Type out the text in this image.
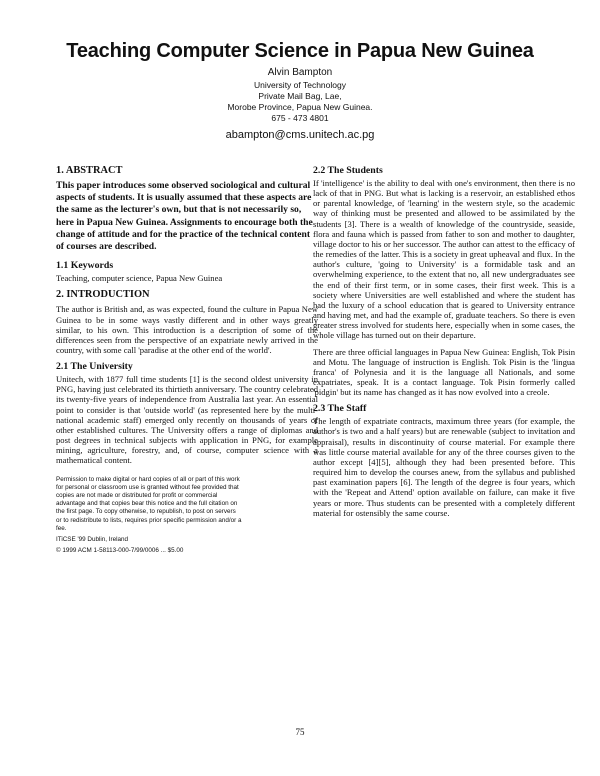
Teaching Computer Science in Papua New Guinea
Alvin Bampton
University of Technology
Private Mail Bag, Lae,
Morobe Province, Papua New Guinea.
675 - 473 4801
abampton@cms.unitech.ac.pg
1. ABSTRACT

This paper introduces some observed sociological and cultural aspects of students. It is usually assumed that these aspects are the same as the lecturer's own, but that is not necessarily so, here in Papua New Guinea. Assignments to encourage both the change of attitude and for the practice of the technical content of courses are described.

1.1 Keywords

Teaching, computer science, Papua New Guinea

2. INTRODUCTION

The author is British and, as was expected, found the culture in Papua New Guinea to be in some ways vastly different and in other ways greatly similar, to his own. This introduction is a description of some of the differences seen from the perspective of an expatriate newly arrived in the country, with some call 'paradise at the other end of the world'.

2.1 The University

Unitech, with 1877 full time students [1] is the second oldest university in PNG, having just celebrated its thirtieth anniversary. The country celebrated its twenty-five years of independence from Australia last year. An essential point to consider is that 'outside world' (as represented here by the multi-national academic staff) emerged only recently on thousands of years of other established cultures. The University offers a range of diplomas and post degrees in technical subjects with application in PNG, for example mining, agriculture, forestry, and, of course, computer science with a mathematical content.

Permission to make digital or hard copies of all or part of this work
for personal or classroom use is granted without fee provided that
copies are not made or distributed for profit or commercial
advantage and that copies bear this notice and the full citation on
the first page. To copy otherwise, to republish, to post on servers
or to redistribute to lists, requires prior specific permission and/or a
fee.
ITiCSE '99 Dublin, Ireland
© 1999 ACM 1-58113-000-7/99/0006 ... $5.00
2.2 The Students

If 'intelligence' is the ability to deal with one's environment, then there is no lack of that in PNG. But what is lacking is a reservoir, an established ethos or parental knowledge, of 'learning' in the western style, so the academic way of thinking must be presented and allowed to be assimilated by the students [3]. There is a wealth of knowledge of the countryside, seaside, flora and fauna which is passed from father to son and mother to daughter, village doctor to his or her successor. The author can attest to the efficacy of the remedies of the latter. This is a society in great upheaval and flux. In the author's culture, 'going to University' is a formidable task and an overwhelming experience, to the extent that no, all new undergraduates see the end of their first term, or in some cases, their first week. This is a society where Universities are well established and where the student has had the luxury of a school education that is geared to University entrance and having met, and had the example of, graduate teachers. So there is even greater stress involved for students here, especially when in some cases, the whole village has turned out on their departure.

There are three official languages in Papua New Guinea: English, Tok Pisin and Motu. The language of instruction is English. Tok Pisin is the 'lingua franca' of Polynesia and it is the language all Nationals, and some expatriates, speak. It is a contact language. Tok Pisin formerly called 'pidgin' but its name has changed as it has now evolved into a creole.

2.3 The Staff

The length of expatriate contracts, maximum three years (for example, the author's is two and a half years) but are renewable (subject to invitation and appraisal), results in discontinuity of course material. For example there was little course material available for any of the three courses given to the author except [4][5], although they had been presented before. This required him to develop the courses anew, from the syllabus and published past examination papers [6]. The length of the degree is four years, which with the 'Repeat and Attend' option available on failure, can make it five years or more. Thus students can be presented with a completely different material for ostensibly the same course.

75
